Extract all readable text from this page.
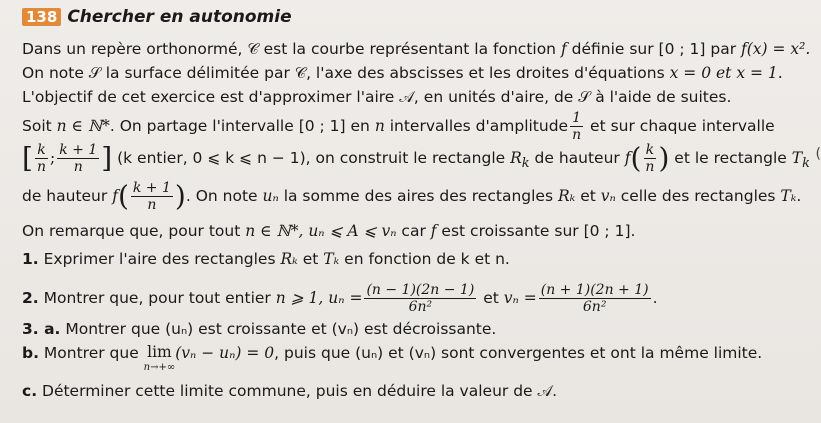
138 Chercher en autonomie
Dans un repère orthonormé, 𝒞 est la courbe représentant la fonction f définie sur [0 ; 1] par f(x) = x².
On note 𝒮 la surface délimitée par 𝒞, l'axe des abscisses et les droites d'équations x = 0 et x = 1.
L'objectif de cet exercice est d'approximer l'aire 𝒜, en unités d'aire, de 𝒮 à l'aide de suites.
Soit n ∈ ℕ*. On partage l'intervalle [0 ; 1] en n intervalles d'amplitude $\frac{1}{n}$ et sur chaque intervalle
[ $\frac{k}{n}$ ; $\frac{k + 1}{n}$ ] (k entier, 0 ⩽ k ⩽ n − 1), on construit le rectangle $R_k$ de hauteur $f( \frac{k}{n}$ ) et le rectangle $T_k$
(
de hauteur $f( \frac{k + 1}{n}$ ). On note uₙ la somme des aires des rectangles Rₖ et vₙ celle des rectangles Tₖ.
On remarque que, pour tout n ∈ ℕ*, uₙ ⩽ A ⩽ vₙ car f est croissante sur [0 ; 1].
1. Exprimer l'aire des rectangles Rₖ et Tₖ en fonction de k et n.
2. Montrer que, pour tout entier n ⩾ 1, $u_n = \frac{(n - 1)(2n - 1)}{\text{6n²}}$ et $v_n = \frac{(n + 1)(2n + 1)}{\text{6n²}}$ .
3. a. Montrer que (uₙ) est croissante et (vₙ) est décroissante.
b. Montrer que lim
n→+∞
(vₙ − uₙ) = 0, puis que (uₙ) et (vₙ) sont convergentes et ont la même limite.
c. Déterminer cette limite commune, puis en déduire la valeur de 𝒜.
